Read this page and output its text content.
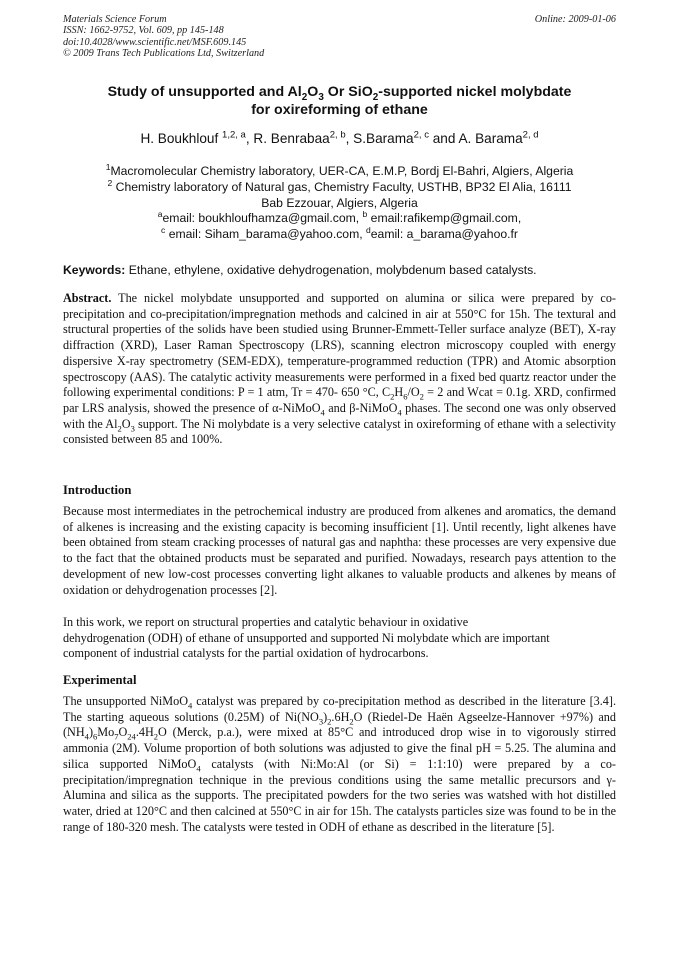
Materials Science Forum
ISSN: 1662-9752, Vol. 609, pp 145-148
doi:10.4028/www.scientific.net/MSF.609.145
© 2009 Trans Tech Publications Ltd, Switzerland
Online: 2009-01-06
Study of unsupported and $Al_2O_3$ Or SiO$_2$-supported nickel molybdate
for oxireforming of ethane
H. Boukhlouf $^{1,2, a}$, R. Benrabaa$^{2, b}$, S.Barama$^{2, c}$ and A. Barama$^{2, d}$
$^1$Macromolecular Chemistry laboratory, UER-CA, E.M.P, Bordj El-Bahri, Algiers, Algeria
$^2$ Chemistry laboratory of Natural gas, Chemistry Faculty, USTHB, BP32 El Alia, 16111
Bab Ezzouar, Algiers, Algeria
$^a$email: boukhloufhamza@gmail.com, $^b$ email:rafikemp@gmail.com,
$^c$ email: Siham_barama@yahoo.com, $^d$eamil: a_barama@yahoo.fr
Keywords: Ethane, ethylene, oxidative dehydrogenation, molybdenum based catalysts.
Abstract. The nickel molybdate unsupported and supported on alumina or silica were prepared by co-precipitation and co-precipitation/impregnation methods and calcined in air at 550°C for 15h. The textural and structural properties of the solids have been studied using Brunner-Emmett-Teller surface analyze (BET), X-ray diffraction (XRD), Laser Raman Spectroscopy (LRS), scanning electron microscopy coupled with energy dispersive X-ray spectrometry (SEM-EDX), temperature-programmed reduction (TPR) and Atomic absorption spectroscopy (AAS). The catalytic activity measurements were performed in a fixed bed quartz reactor under the following experimental conditions: P = 1 atm, Tr = 470- 650 °C, $C_2H_6/O_2 = 2$ and Wcat = 0.1g. XRD, confirmed par LRS analysis, showed the presence of α-NiMoO$_4$ and β-NiMoO$_4$ phases. The second one was only observed with the $Al_2O_3$ support. The Ni molybdate is a very selective catalyst in oxireforming of ethane with a selectivity consisted between 85 and 100%.
Introduction
Because most intermediates in the petrochemical industry are produced from alkenes and aromatics, the demand of alkenes is increasing and the existing capacity is becoming insufficient [1]. Until recently, light alkenes have been obtained from steam cracking processes of natural gas and naphtha: these processes are very expensive due to the fact that the obtained products must be separated and purified. Nowadays, research pays attention to the development of new low-cost processes converting light alkanes to valuable products and alkenes by means of oxidation or dehydrogenation processes [2].
In this work, we report on structural properties and catalytic behaviour in oxidative
dehydrogenation (ODH) of ethane of unsupported and supported Ni molybdate which are important
component of industrial catalysts for the partial oxidation of hydrocarbons.
Experimental
The unsupported NiMoO$_4$ catalyst was prepared by co-precipitation method as described in the literature [3.4]. The starting aqueous solutions (0.25M) of $Ni(NO_3)_2.6H_2O$ (Riedel-De Haën Agseelze-Hannover +97%) and $(NH_4)_6Mo_7O_{24}.4H_2O$ (Merck, p.a.), were mixed at 85°C and introduced drop wise in to vigorously stirred ammonia (2M). Volume proportion of both solutions was adjusted to give the final pH = 5.25. The alumina and silica supported NiMoO$_4$ catalysts (with Ni:Mo:Al (or Si) = 1:1:10) were prepared by a co-precipitation/impregnation technique in the previous conditions using the same metallic precursors and γ-Alumina and silica as the supports. The precipitated powders for the two series was watshed with hot distilled water, dried at 120°C and then calcined at 550°C in air for 15h. The catalysts particles size was found to be in the range of 180-320 mesh. The catalysts were tested in ODH of ethane as described in the literature [5].
